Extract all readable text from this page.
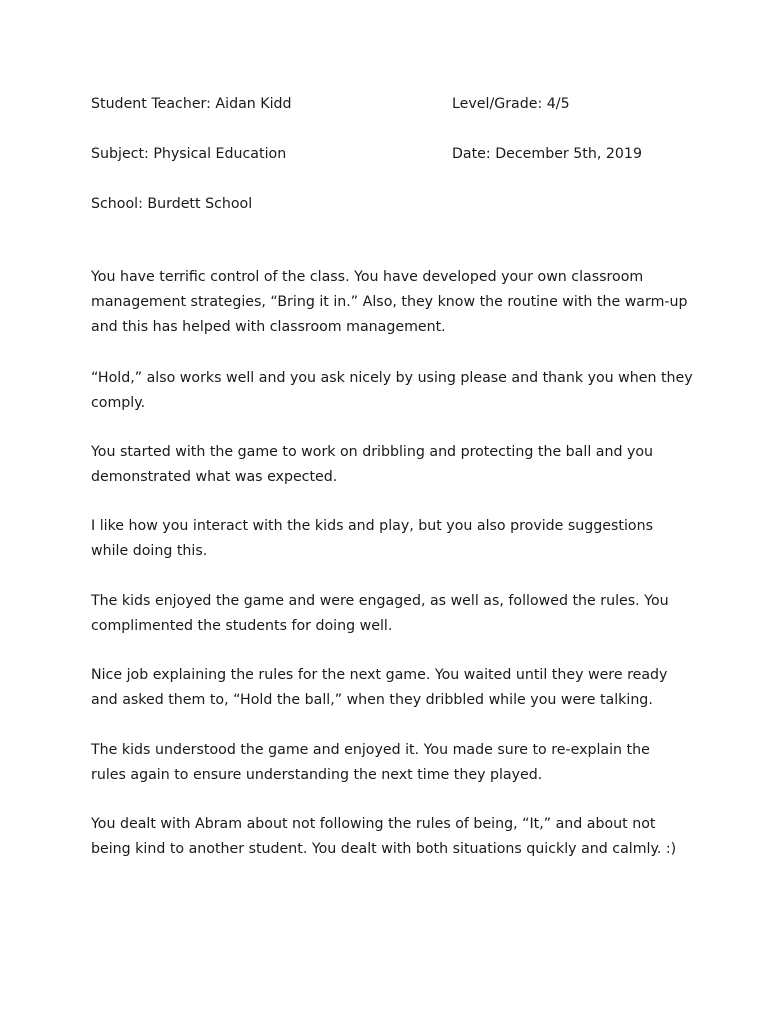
Student Teacher: Aidan Kidd	Level/Grade: 4/5
Subject: Physical Education	Date: December 5th, 2019
School: Burdett School
You have terrific control of the class. You have developed your own classroom
management strategies, “Bring it in.” Also, they know the routine with the warm-up
and this has helped with classroom management.
“Hold,” also works well and you ask nicely by using please and thank you when they
comply.
You started with the game to work on dribbling and protecting the ball and you
demonstrated what was expected.
I like how you interact with the kids and play, but you also provide suggestions
while doing this.
The kids enjoyed the game and were engaged, as well as, followed the rules. You
complimented the students for doing well.
Nice job explaining the rules for the next game. You waited until they were ready
and asked them to, “Hold the ball,” when they dribbled while you were talking.
The kids understood the game and enjoyed it. You made sure to re-explain the
rules again to ensure understanding the next time they played.
You dealt with Abram about not following the rules of being, “It,” and about not
being kind to another student. You dealt with both situations quickly and calmly. :)
